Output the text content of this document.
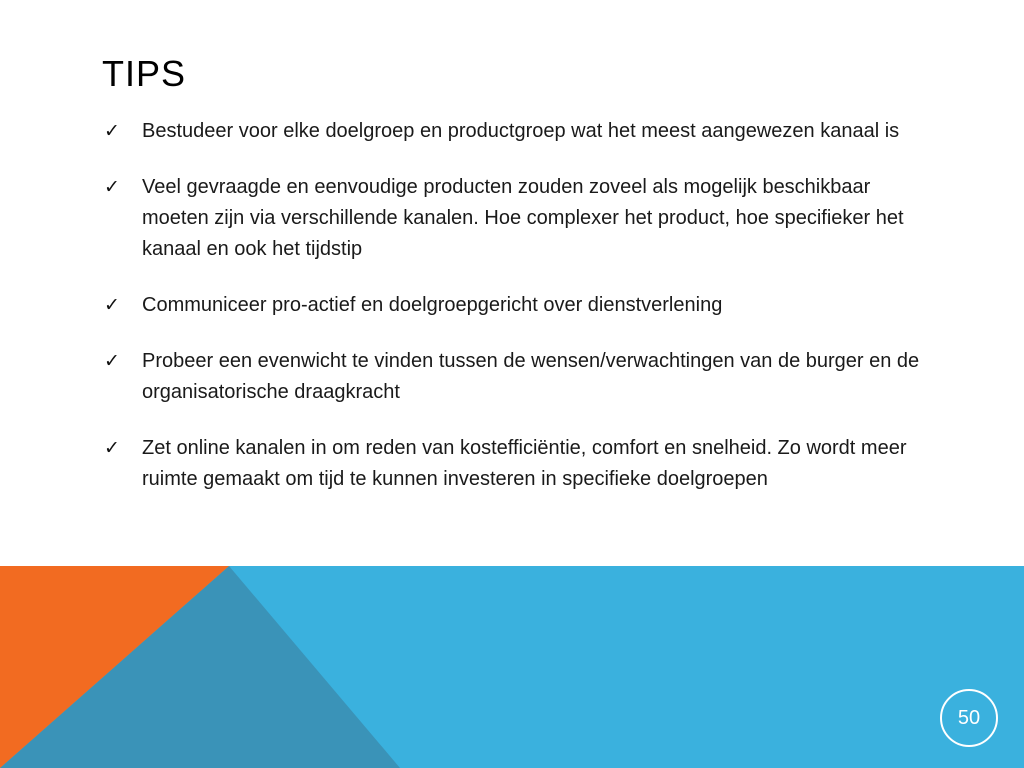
TIPS
✓ Bestudeer voor elke doelgroep en productgroep wat het meest aangewezen kanaal is
✓ Veel gevraagde en eenvoudige producten zouden zoveel als mogelijk beschikbaar  moeten zijn via verschillende kanalen. Hoe complexer het product, hoe specifieker het kanaal en ook het tijdstip
✓ Communiceer pro-actief en doelgroepgericht over dienstverlening
✓ Probeer een evenwicht te vinden tussen de wensen/verwachtingen van de burger en de organisatorische draagkracht
✓ Zet online kanalen in om reden van kostefficiëntie, comfort en snelheid. Zo wordt meer ruimte gemaakt om tijd te kunnen investeren in specifieke doelgroepen
50
